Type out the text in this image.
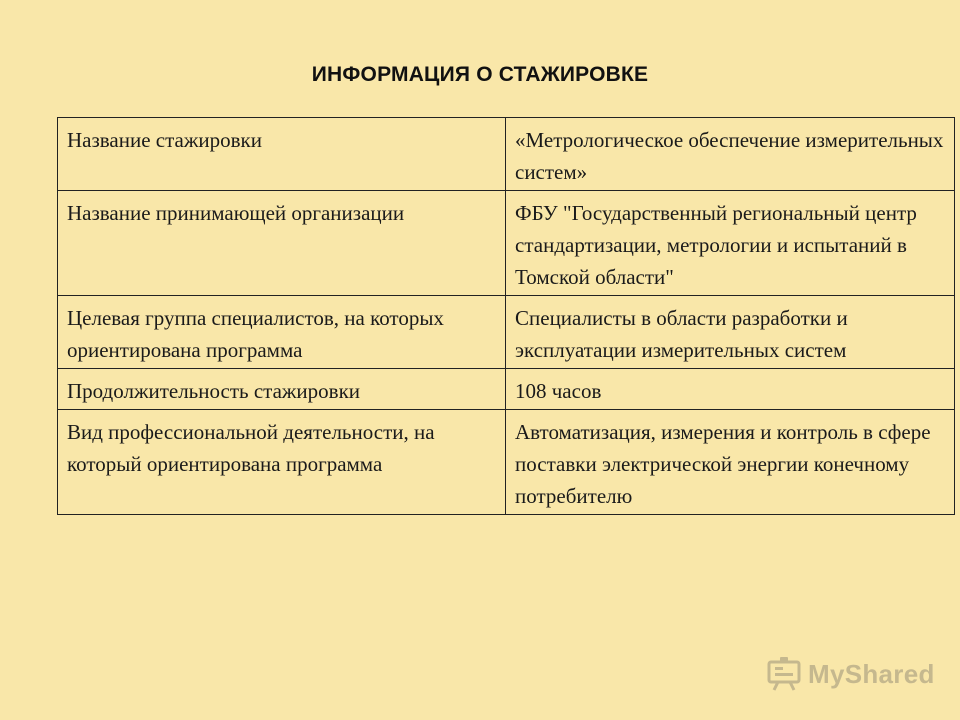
ИНФОРМАЦИЯ О СТАЖИРОВКЕ
Название стажировки	«Метрологическое обеспечение измерительных систем»
Название принимающей организации	ФБУ "Государственный региональный центр стандартизации, метрологии и испытаний в Томской области"
Целевая группа специалистов, на которых ориентирована программа	Специалисты в области разработки и эксплуатации измерительных систем
Продолжительность стажировки	108 часов
Вид профессиональной деятельности, на который ориентирована программа	Автоматизация, измерения и контроль в сфере поставки электрической энергии конечному потребителю
MyShared
